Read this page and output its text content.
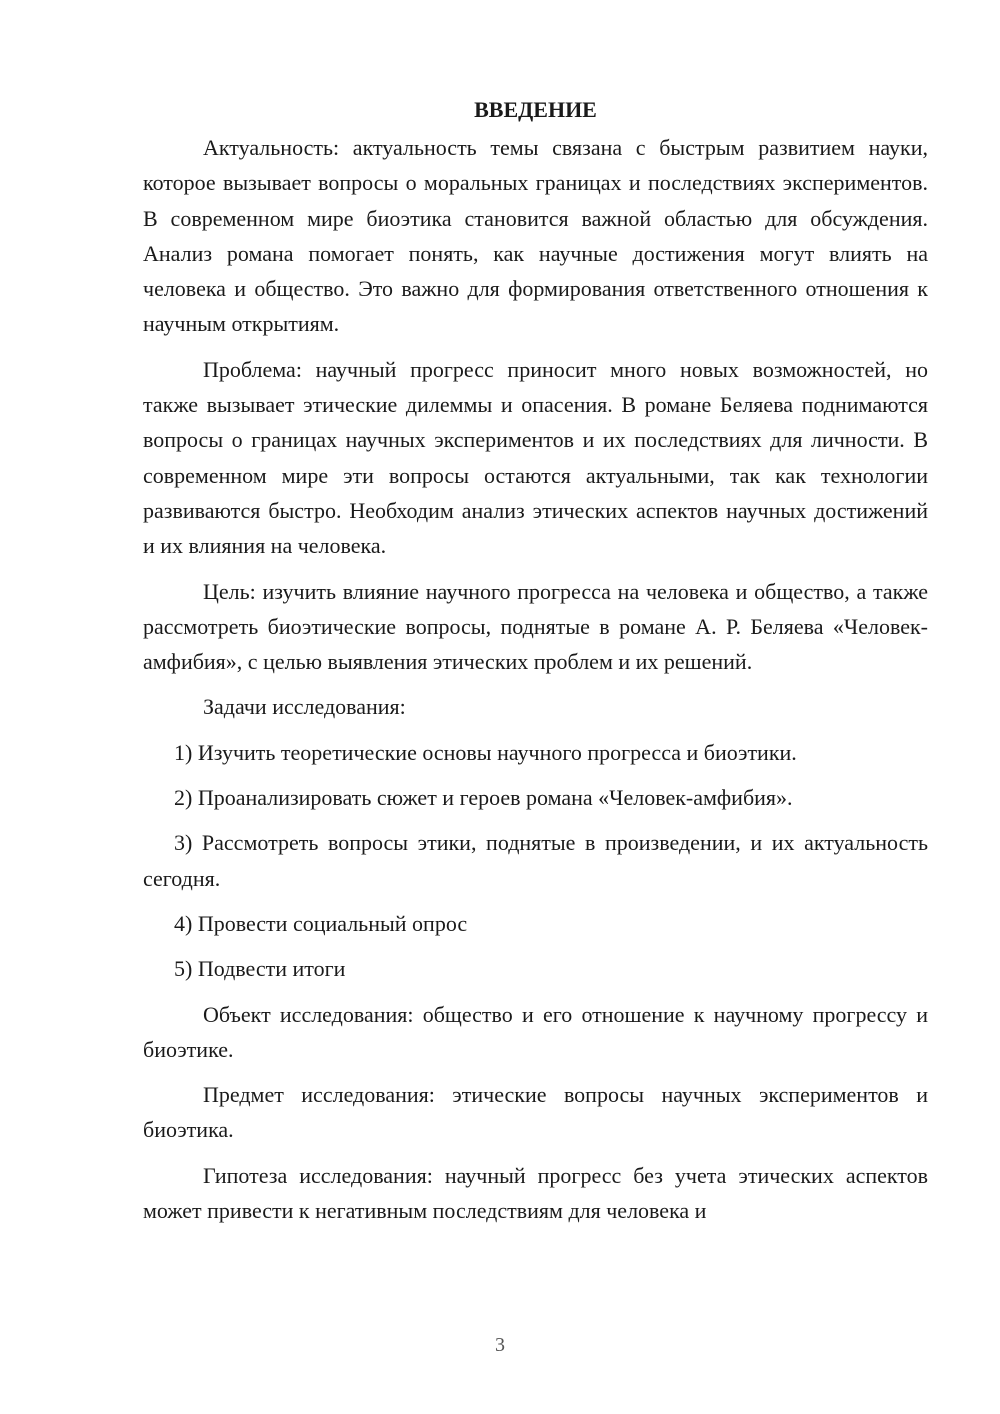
ВВЕДЕНИЕ

Актуальность: актуальность темы связана с быстрым развитием науки, которое вызывает вопросы о моральных границах и последствиях экспериментов. В современном мире биоэтика становится важной областью для обсуждения. Анализ романа помогает понять, как научные достижения могут влиять на человека и общество. Это важно для формирования ответственного отношения к научным открытиям.

Проблема: научный прогресс приносит много новых возможностей, но также вызывает этические дилеммы и опасения. В романе Беляева поднимаются вопросы о границах научных экспериментов и их последствиях для личности. В современном мире эти вопросы остаются актуальными, так как технологии развиваются быстро. Необходим анализ этических аспектов научных достижений и их влияния на человека.

Цель: изучить влияние научного прогресса на человека и общество, а также рассмотреть биоэтические вопросы, поднятые в романе А. Р. Беляева «Человек-амфибия», с целью выявления этических проблем и их решений.

Задачи исследования:

1) Изучить теоретические основы научного прогресса и биоэтики.

2) Проанализировать сюжет и героев романа «Человек-амфибия».

3) Рассмотреть вопросы этики, поднятые в произведении, и их актуальность сегодня.

4) Провести социальный опрос

5) Подвести итоги

Объект исследования: общество и его отношение к научному прогрессу и биоэтике.

Предмет исследования: этические вопросы научных экспериментов и биоэтика.

Гипотеза исследования: научный прогресс без учета этических аспектов может привести к негативным последствиям для человека и

3
